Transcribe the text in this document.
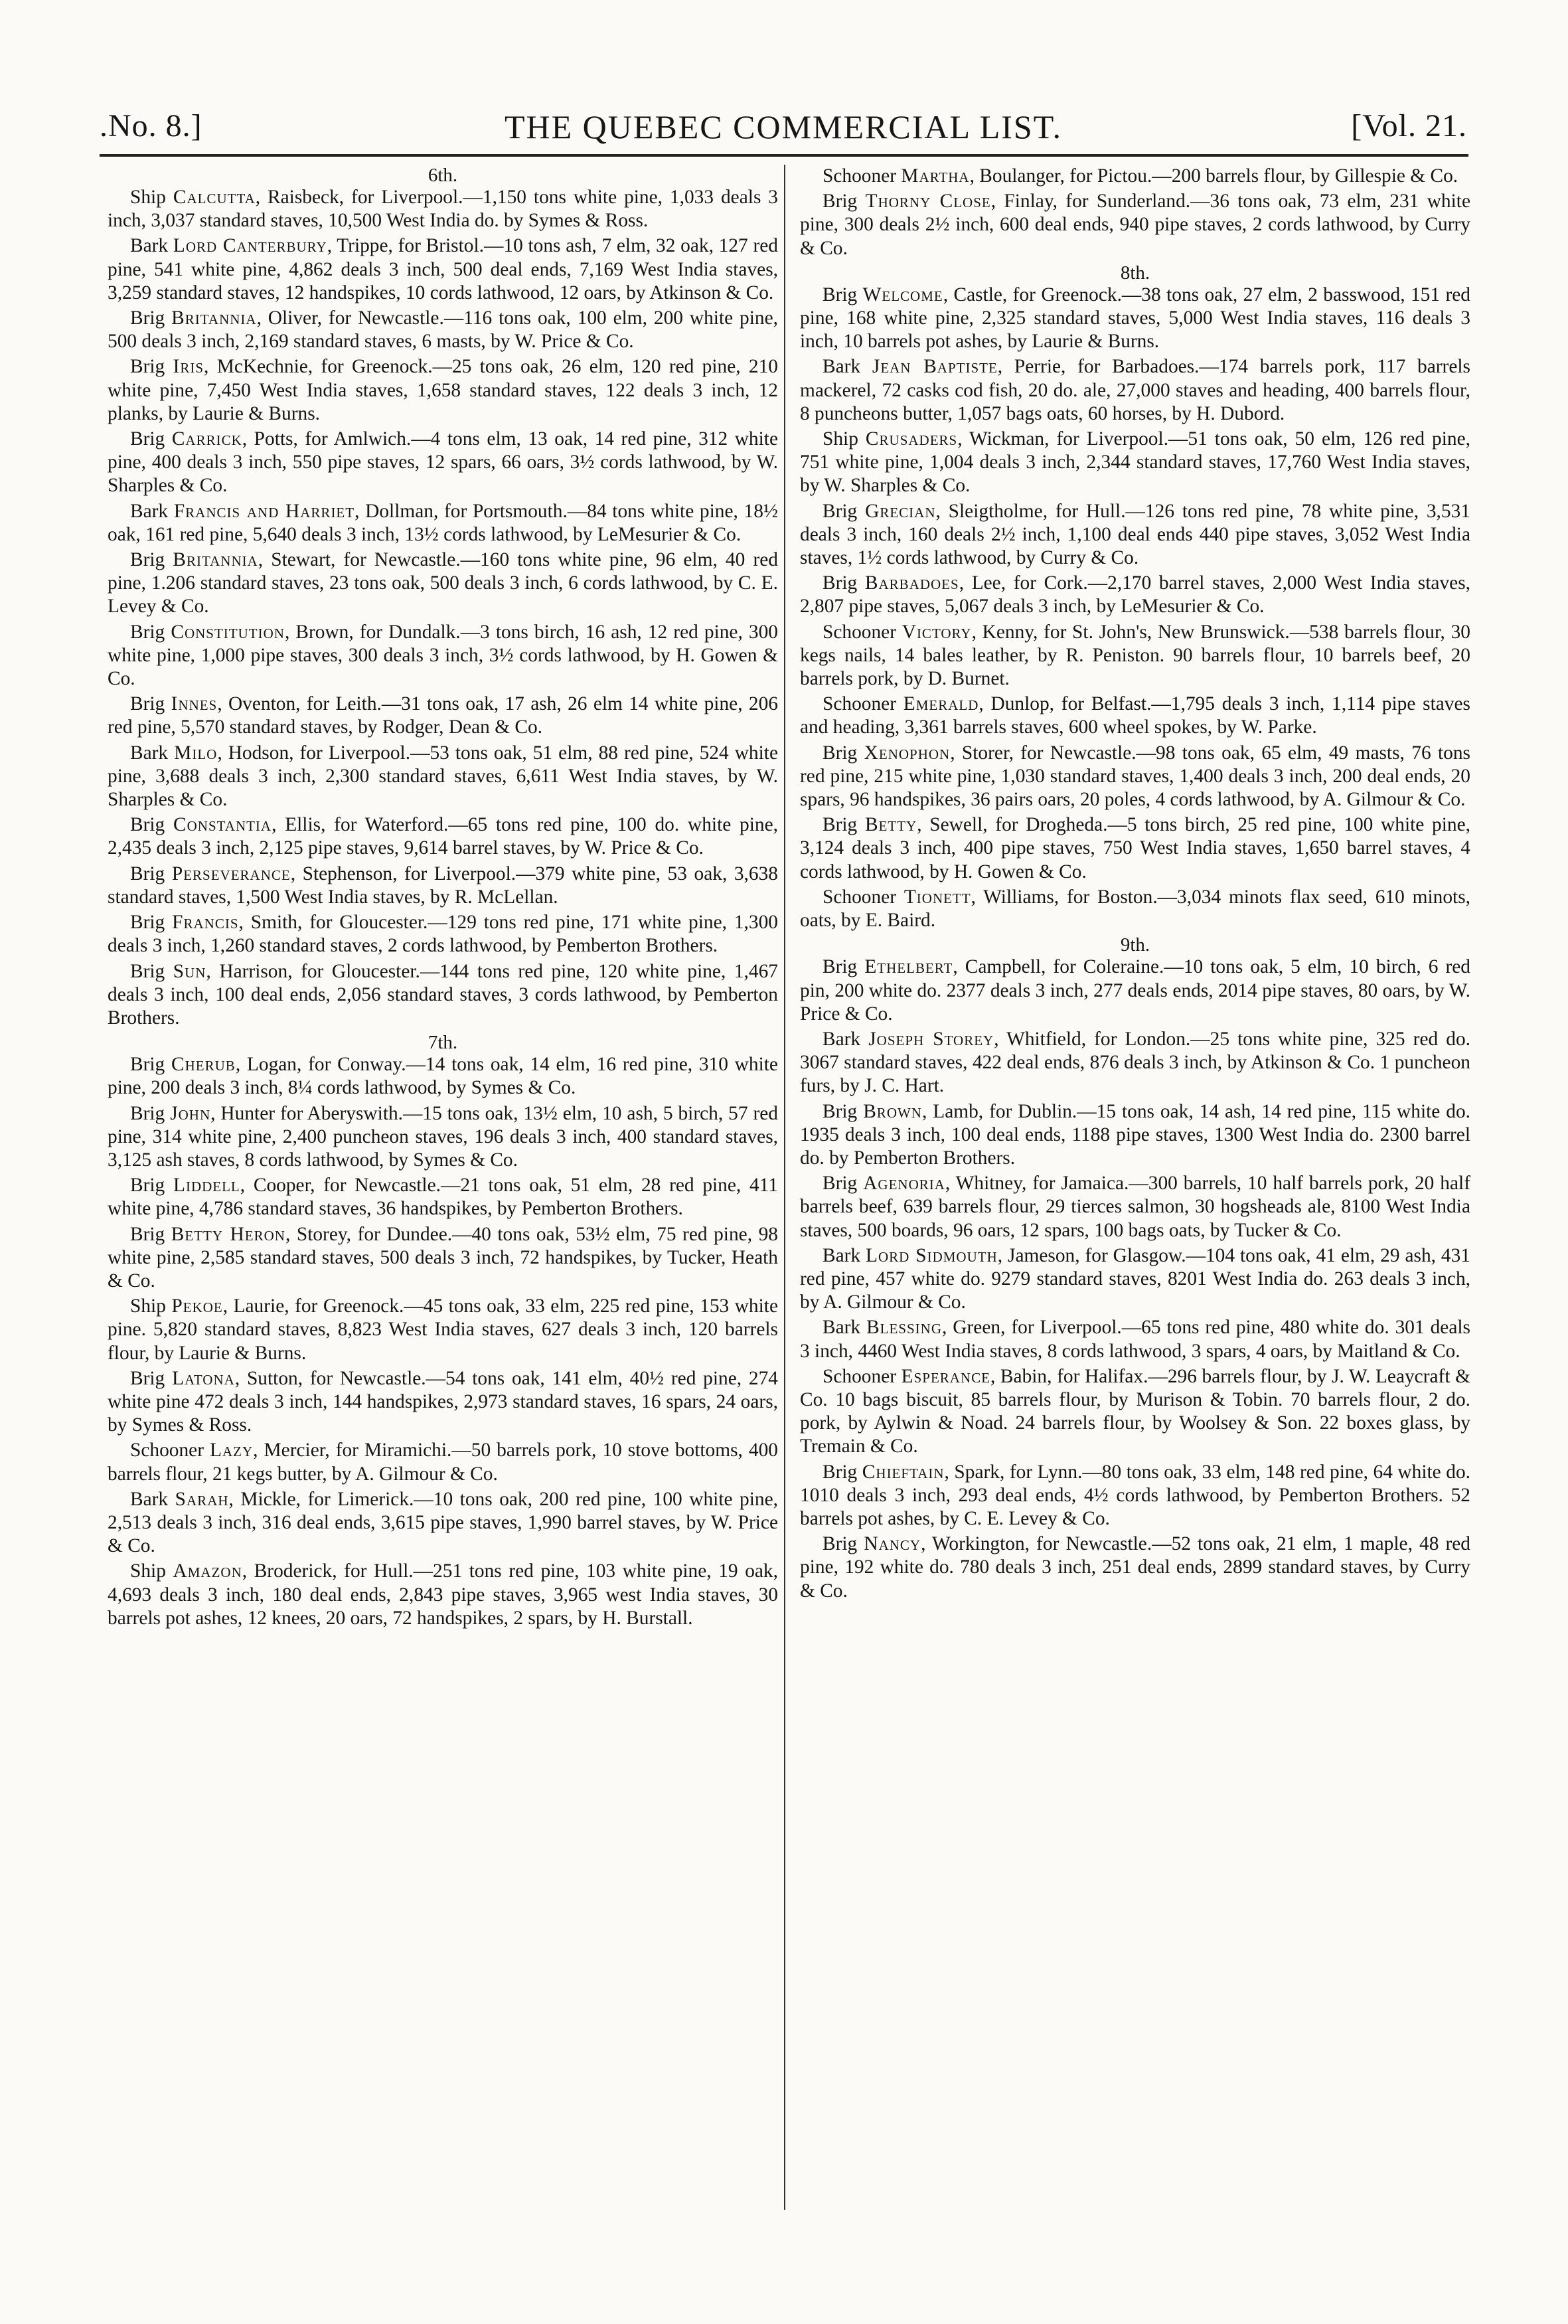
.No. 8.]	THE QUEBEC COMMERCIAL LIST.	[Vol. 21.

6th.

Ship Calcutta, Raisbeck, for Liverpool.—1,150 tons white pine, 1,033 deals 3 inch, 3,037 standard staves, 10,500 West India do. by Symes & Ross.

Bark Lord Canterbury, Trippe, for Bristol.—10 tons ash, 7 elm, 32 oak, 127 red pine, 541 white pine, 4,862 deals 3 inch, 500 deal ends, 7,169 West India staves, 3,259 standard staves, 12 handspikes, 10 cords lathwood, 12 oars, by Atkinson & Co.

Brig Britannia, Oliver, for Newcastle.—116 tons oak, 100 elm, 200 white pine, 500 deals 3 inch, 2,169 standard staves, 6 masts, by W. Price & Co.

Brig Iris, McKechnie, for Greenock.—25 tons oak, 26 elm, 120 red pine, 210 white pine, 7,450 West India staves, 1,658 standard staves, 122 deals 3 inch, 12 planks, by Laurie & Burns.

Brig Carrick, Potts, for Amlwich.—4 tons elm, 13 oak, 14 red pine, 312 white pine, 400 deals 3 inch, 550 pipe staves, 12 spars, 66 oars, 3½ cords lathwood, by W. Sharples & Co.

Bark Francis and Harriet, Dollman, for Portsmouth.—84 tons white pine, 18½ oak, 161 red pine, 5,640 deals 3 inch, 13½ cords lathwood, by LeMesurier & Co.

Brig Britannia, Stewart, for Newcastle.—160 tons white pine, 96 elm, 40 red pine, 1.206 standard staves, 23 tons oak, 500 deals 3 inch, 6 cords lathwood, by C. E. Levey & Co.

Brig Constitution, Brown, for Dundalk.—3 tons birch, 16 ash, 12 red pine, 300 white pine, 1,000 pipe staves, 300 deals 3 inch, 3½ cords lathwood, by H. Gowen & Co.

Brig Innes, Oventon, for Leith.—31 tons oak, 17 ash, 26 elm 14 white pine, 206 red pine, 5,570 standard staves, by Rodger, Dean & Co.

Bark Milo, Hodson, for Liverpool.—53 tons oak, 51 elm, 88 red pine, 524 white pine, 3,688 deals 3 inch, 2,300 standard staves, 6,611 West India staves, by W. Sharples & Co.

Brig Constantia, Ellis, for Waterford.—65 tons red pine, 100 do. white pine, 2,435 deals 3 inch, 2,125 pipe staves, 9,614 barrel staves, by W. Price & Co.

Brig Perseverance, Stephenson, for Liverpool.—379 white pine, 53 oak, 3,638 standard staves, 1,500 West India staves, by R. McLellan.

Brig Francis, Smith, for Gloucester.—129 tons red pine, 171 white pine, 1,300 deals 3 inch, 1,260 standard staves, 2 cords lathwood, by Pemberton Brothers.

Brig Sun, Harrison, for Gloucester.—144 tons red pine, 120 white pine, 1,467 deals 3 inch, 100 deal ends, 2,056 standard staves, 3 cords lathwood, by Pemberton Brothers.

7th.

Brig Cherub, Logan, for Conway.—14 tons oak, 14 elm, 16 red pine, 310 white pine, 200 deals 3 inch, 8¼ cords lathwood, by Symes & Co.

Brig John, Hunter for Aberyswith.—15 tons oak, 13½ elm, 10 ash, 5 birch, 57 red pine, 314 white pine, 2,400 puncheon staves, 196 deals 3 inch, 400 standard staves, 3,125 ash staves, 8 cords lathwood, by Symes & Co.

Brig Liddell, Cooper, for Newcastle.—21 tons oak, 51 elm, 28 red pine, 411 white pine, 4,786 standard staves, 36 handspikes, by Pemberton Brothers.

Brig Betty Heron, Storey, for Dundee.—40 tons oak, 53½ elm, 75 red pine, 98 white pine, 2,585 standard staves, 500 deals 3 inch, 72 handspikes, by Tucker, Heath & Co.

Ship Pekoe, Laurie, for Greenock.—45 tons oak, 33 elm, 225 red pine, 153 white pine. 5,820 standard staves, 8,823 West India staves, 627 deals 3 inch, 120 barrels flour, by Laurie & Burns.

Brig Latona, Sutton, for Newcastle.—54 tons oak, 141 elm, 40½ red pine, 274 white pine 472 deals 3 inch, 144 handspikes, 2,973 standard staves, 16 spars, 24 oars, by Symes & Ross.

Schooner Lazy, Mercier, for Miramichi.—50 barrels pork, 10 stove bottoms, 400 barrels flour, 21 kegs butter, by A. Gilmour & Co.

Bark Sarah, Mickle, for Limerick.—10 tons oak, 200 red pine, 100 white pine, 2,513 deals 3 inch, 316 deal ends, 3,615 pipe staves, 1,990 barrel staves, by W. Price & Co.

Ship Amazon, Broderick, for Hull.—251 tons red pine, 103 white pine, 19 oak, 4,693 deals 3 inch, 180 deal ends, 2,843 pipe staves, 3,965 west India staves, 30 barrels pot ashes, 12 knees, 20 oars, 72 handspikes, 2 spars, by H. Burstall.

Schooner Martha, Boulanger, for Pictou.—200 barrels flour, by Gillespie & Co.

Brig Thorny Close, Finlay, for Sunderland.—36 tons oak, 73 elm, 231 white pine, 300 deals 2½ inch, 600 deal ends, 940 pipe staves, 2 cords lathwood, by Curry & Co.

8th.

Brig Welcome, Castle, for Greenock.—38 tons oak, 27 elm, 2 basswood, 151 red pine, 168 white pine, 2,325 standard staves, 5,000 West India staves, 116 deals 3 inch, 10 barrels pot ashes, by Laurie & Burns.

Bark Jean Baptiste, Perrie, for Barbadoes.—174 barrels pork, 117 barrels mackerel, 72 casks cod fish, 20 do. ale, 27,000 staves and heading, 400 barrels flour, 8 puncheons butter, 1,057 bags oats, 60 horses, by H. Dubord.

Ship Crusaders, Wickman, for Liverpool.—51 tons oak, 50 elm, 126 red pine, 751 white pine, 1,004 deals 3 inch, 2,344 standard staves, 17,760 West India staves, by W. Sharples & Co.

Brig Grecian, Sleigtholme, for Hull.—126 tons red pine, 78 white pine, 3,531 deals 3 inch, 160 deals 2½ inch, 1,100 deal ends 440 pipe staves, 3,052 West India staves, 1½ cords lathwood, by Curry & Co.

Brig Barbadoes, Lee, for Cork.—2,170 barrel staves, 2,000 West India staves, 2,807 pipe staves, 5,067 deals 3 inch, by LeMesurier & Co.

Schooner Victory, Kenny, for St. John's, New Brunswick.—538 barrels flour, 30 kegs nails, 14 bales leather, by R. Peniston. 90 barrels flour, 10 barrels beef, 20 barrels pork, by D. Burnet.

Schooner Emerald, Dunlop, for Belfast.—1,795 deals 3 inch, 1,114 pipe staves and heading, 3,361 barrels staves, 600 wheel spokes, by W. Parke.

Brig Xenophon, Storer, for Newcastle.—98 tons oak, 65 elm, 49 masts, 76 tons red pine, 215 white pine, 1,030 standard staves, 1,400 deals 3 inch, 200 deal ends, 20 spars, 96 handspikes, 36 pairs oars, 20 poles, 4 cords lathwood, by A. Gilmour & Co.

Brig Betty, Sewell, for Drogheda.—5 tons birch, 25 red pine, 100 white pine, 3,124 deals 3 inch, 400 pipe staves, 750 West India staves, 1,650 barrel staves, 4 cords lathwood, by H. Gowen & Co.

Schooner Tionett, Williams, for Boston.—3,034 minots flax seed, 610 minots, oats, by E. Baird.

9th.

Brig Ethelbert, Campbell, for Coleraine.—10 tons oak, 5 elm, 10 birch, 6 red pin, 200 white do. 2377 deals 3 inch, 277 deals ends, 2014 pipe staves, 80 oars, by W. Price & Co.

Bark Joseph Storey, Whitfield, for London.—25 tons white pine, 325 red do. 3067 standard staves, 422 deal ends, 876 deals 3 inch, by Atkinson & Co. 1 puncheon furs, by J. C. Hart.

Brig Brown, Lamb, for Dublin.—15 tons oak, 14 ash, 14 red pine, 115 white do. 1935 deals 3 inch, 100 deal ends, 1188 pipe staves, 1300 West India do. 2300 barrel do. by Pemberton Brothers.

Brig Agenoria, Whitney, for Jamaica.—300 barrels, 10 half barrels pork, 20 half barrels beef, 639 barrels flour, 29 tierces salmon, 30 hogsheads ale, 8100 West India staves, 500 boards, 96 oars, 12 spars, 100 bags oats, by Tucker & Co.

Bark Lord Sidmouth, Jameson, for Glasgow.—104 tons oak, 41 elm, 29 ash, 431 red pine, 457 white do. 9279 standard staves, 8201 West India do. 263 deals 3 inch, by A. Gilmour & Co.

Bark Blessing, Green, for Liverpool.—65 tons red pine, 480 white do. 301 deals 3 inch, 4460 West India staves, 8 cords lathwood, 3 spars, 4 oars, by Maitland & Co.

Schooner Esperance, Babin, for Halifax.—296 barrels flour, by J. W. Leaycraft & Co. 10 bags biscuit, 85 barrels flour, by Murison & Tobin. 70 barrels flour, 2 do. pork, by Aylwin & Noad. 24 barrels flour, by Woolsey & Son. 22 boxes glass, by Tremain & Co.

Brig Chieftain, Spark, for Lynn.—80 tons oak, 33 elm, 148 red pine, 64 white do. 1010 deals 3 inch, 293 deal ends, 4½ cords lathwood, by Pemberton Brothers. 52 barrels pot ashes, by C. E. Levey & Co.

Brig Nancy, Workington, for Newcastle.—52 tons oak, 21 elm, 1 maple, 48 red pine, 192 white do. 780 deals 3 inch, 251 deal ends, 2899 standard staves, by Curry & Co.
